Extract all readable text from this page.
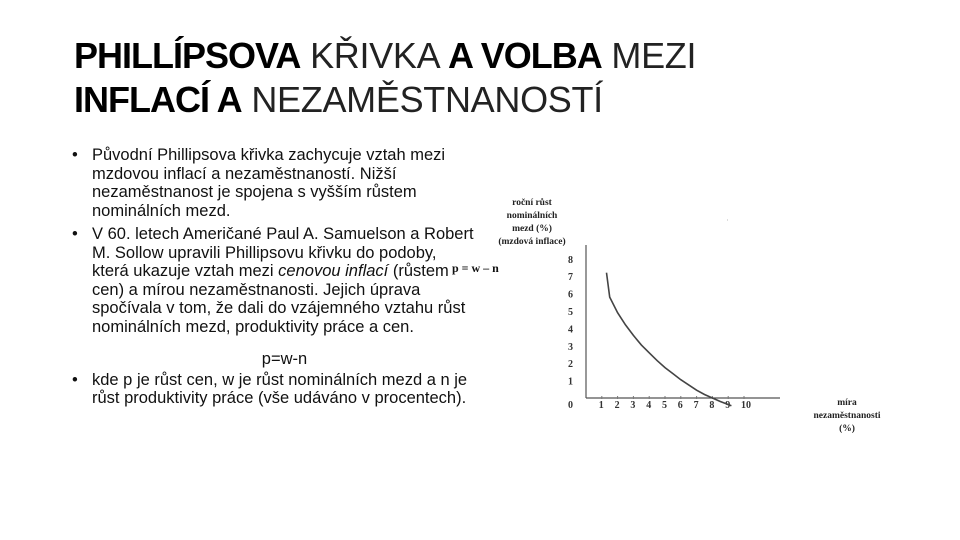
PHILLÍPSOVA KŘIVKA A VOLBA MEZI
INFLACÍ A NEZAMĚSTNANOSTÍ

• Původní Phillipsova křivka zachycuje vztah mezi mzdovou inflací a nezaměstnaností. Nižší nezaměstnanost je spojena s vyšším růstem nominálních mezd.

• V 60. letech Američané Paul A. Samuelson a Robert M. Sollow upravili Phillipsovu křivku do podoby, která ukazuje vztah mezi cenovou inflací (růstem cen) a mírou nezaměstnanosti. Jejich úprava spočívala v tom, že dali do vzájemného vztahu růst nominálních mezd, produktivity práce a cen.

p=w-n

• kde p je růst cen, w je růst nominálních mezd a n je růst produktivity práce (vše udáváno v procentech).

roční růst
nominálních
mezd (%)
(mzdová inflace)
míra
nezaměstnanosti
(%)
p = w – n
0
1
2
3
4
5
6
7
8
1 2 3 4 5 6 7 8 9 10
